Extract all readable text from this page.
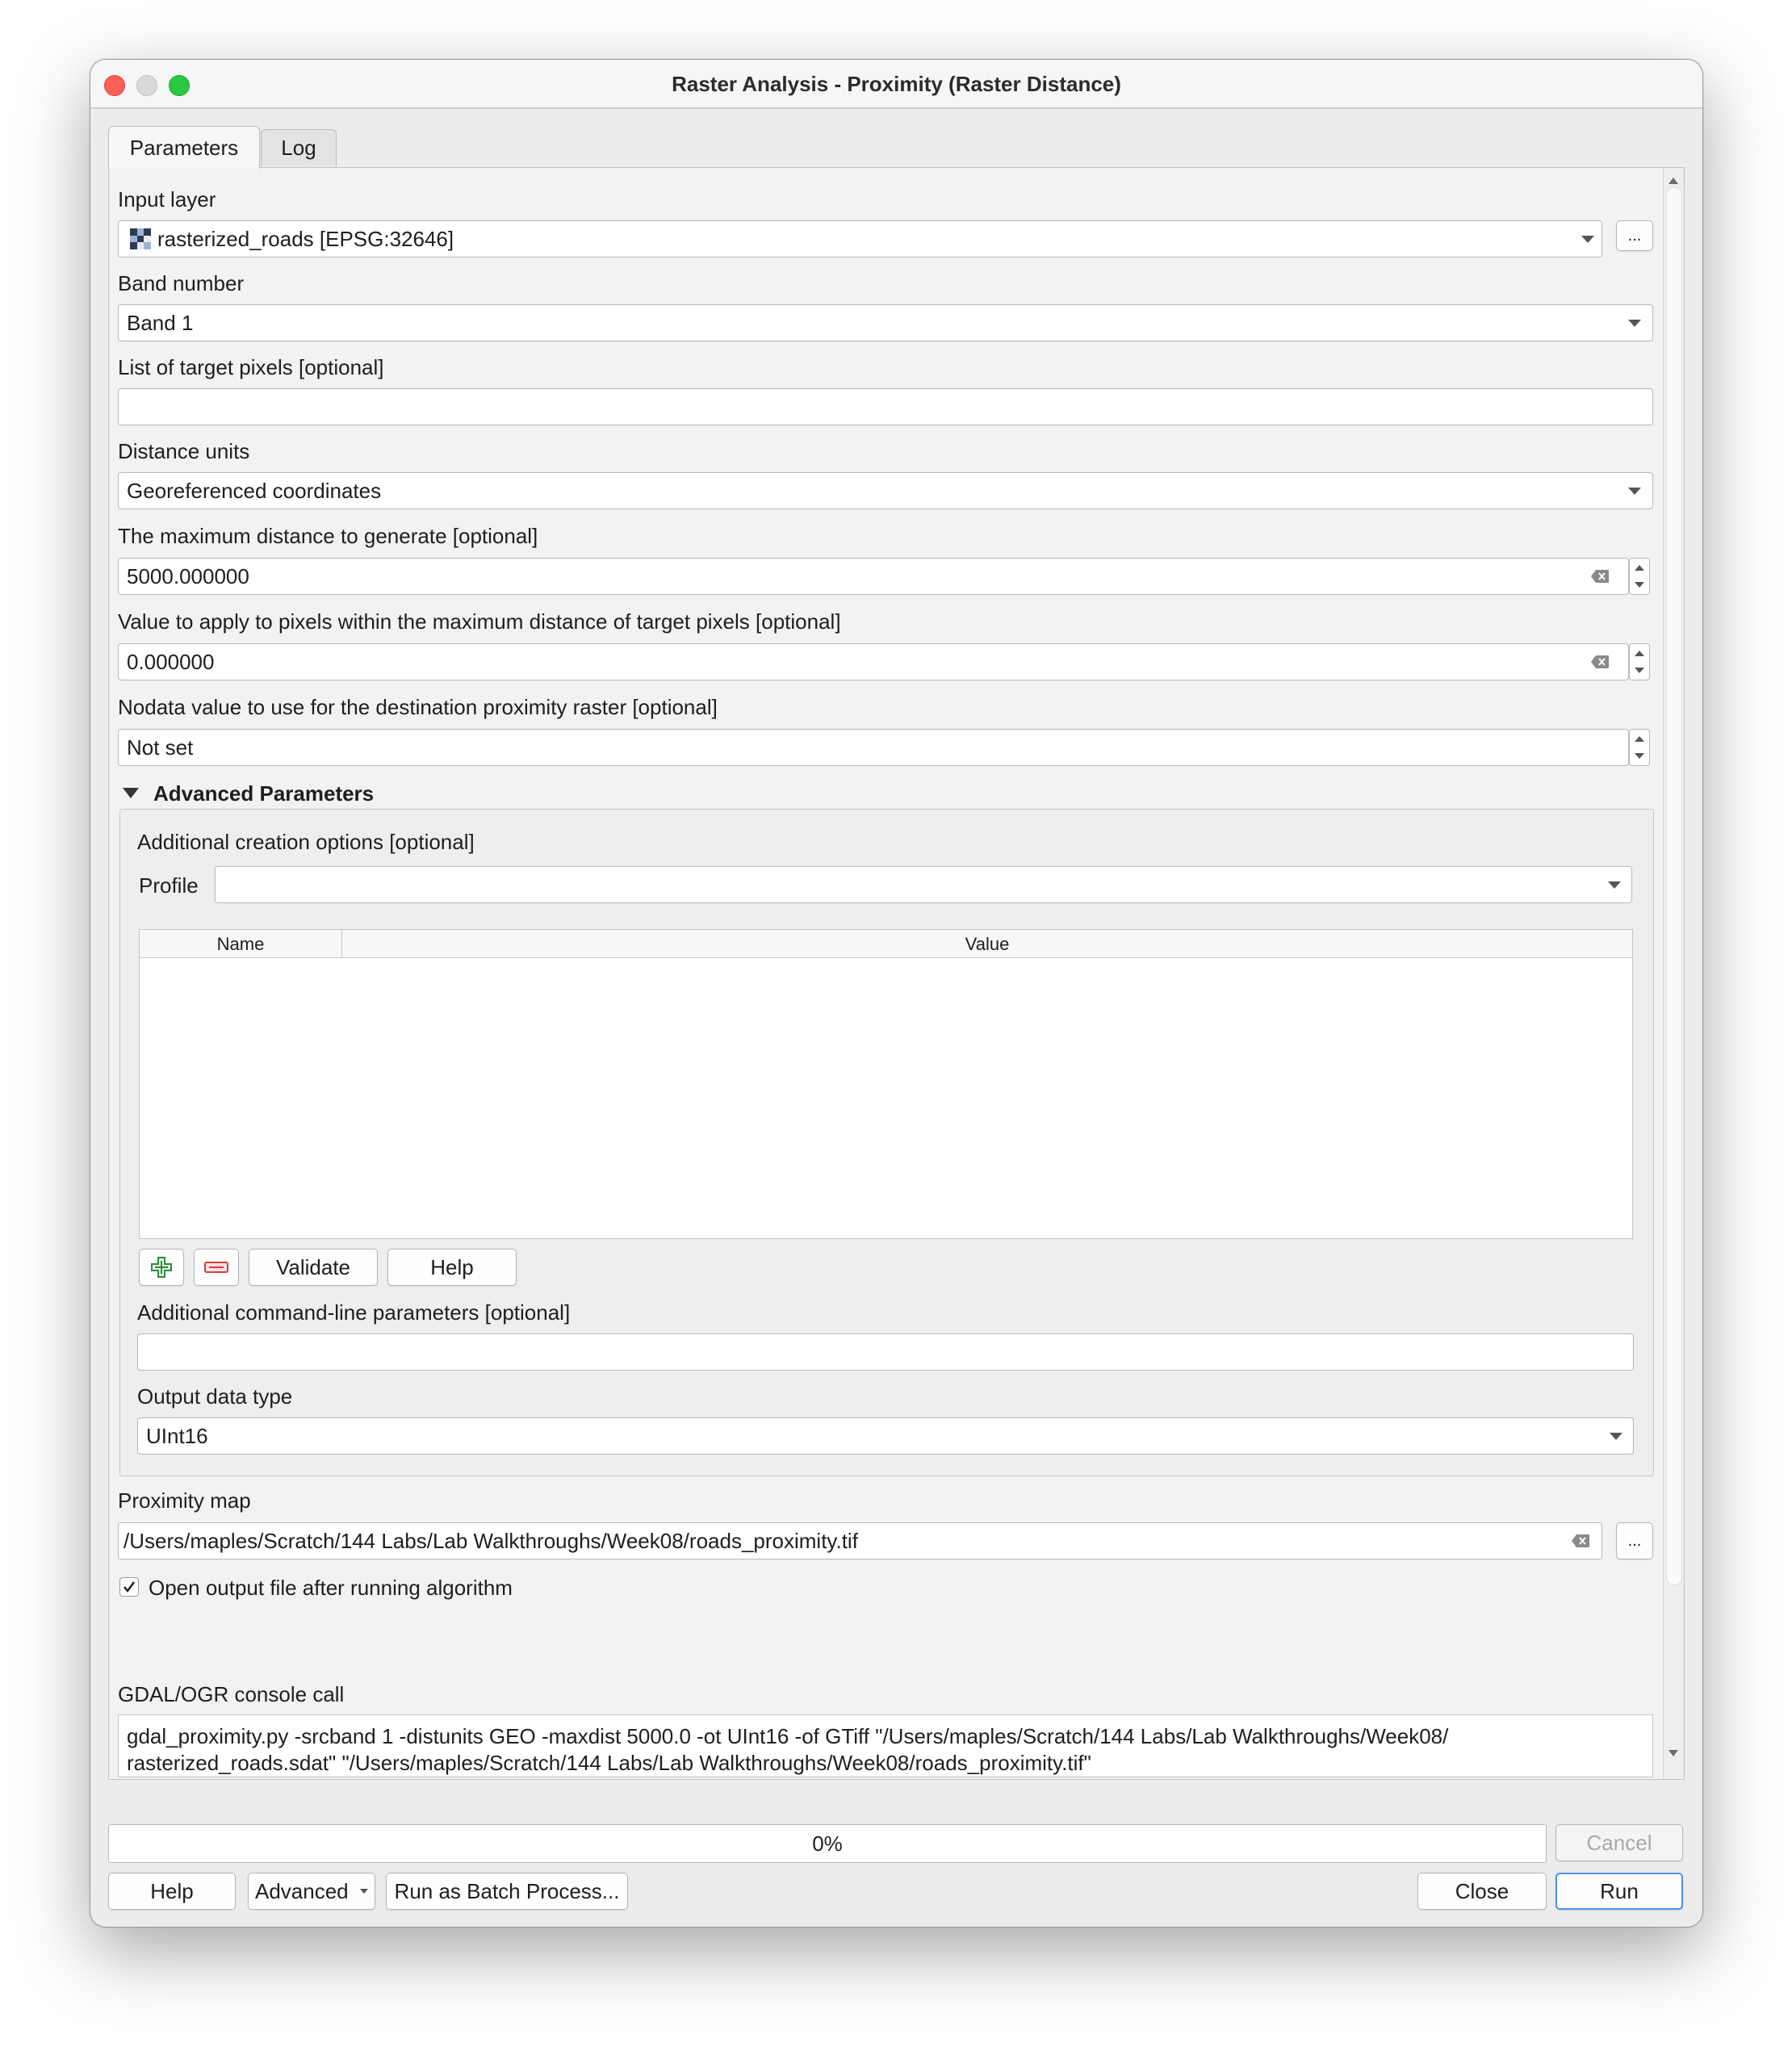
Raster Analysis - Proximity (Raster Distance)
Parameters Log
Input layer
rasterized_roads [EPSG:32646]	...
Band number
Band 1
List of target pixels [optional]
Distance units
Georeferenced coordinates
The maximum distance to generate [optional]
5000.000000
Value to apply to pixels within the maximum distance of target pixels [optional]
0.000000
Nodata value to use for the destination proximity raster [optional]
Not set
Advanced Parameters
Additional creation options [optional]
Profile
Name	Value
Validate	Help
Additional command-line parameters [optional]
Output data type
UInt16
Proximity map
/Users/maples/Scratch/144 Labs/Lab Walkthroughs/Week08/roads_proximity.tif	...
Open output file after running algorithm
GDAL/OGR console call
gdal_proximity.py -srcband 1 -distunits GEO -maxdist 5000.0 -ot UInt16 -of GTiff "/Users/maples/Scratch/144 Labs/Lab Walkthroughs/Week08/
rasterized_roads.sdat" "/Users/maples/Scratch/144 Labs/Lab Walkthroughs/Week08/roads_proximity.tif"
0%	Cancel
Help	Advanced Run as Batch Process...	Close	Run
